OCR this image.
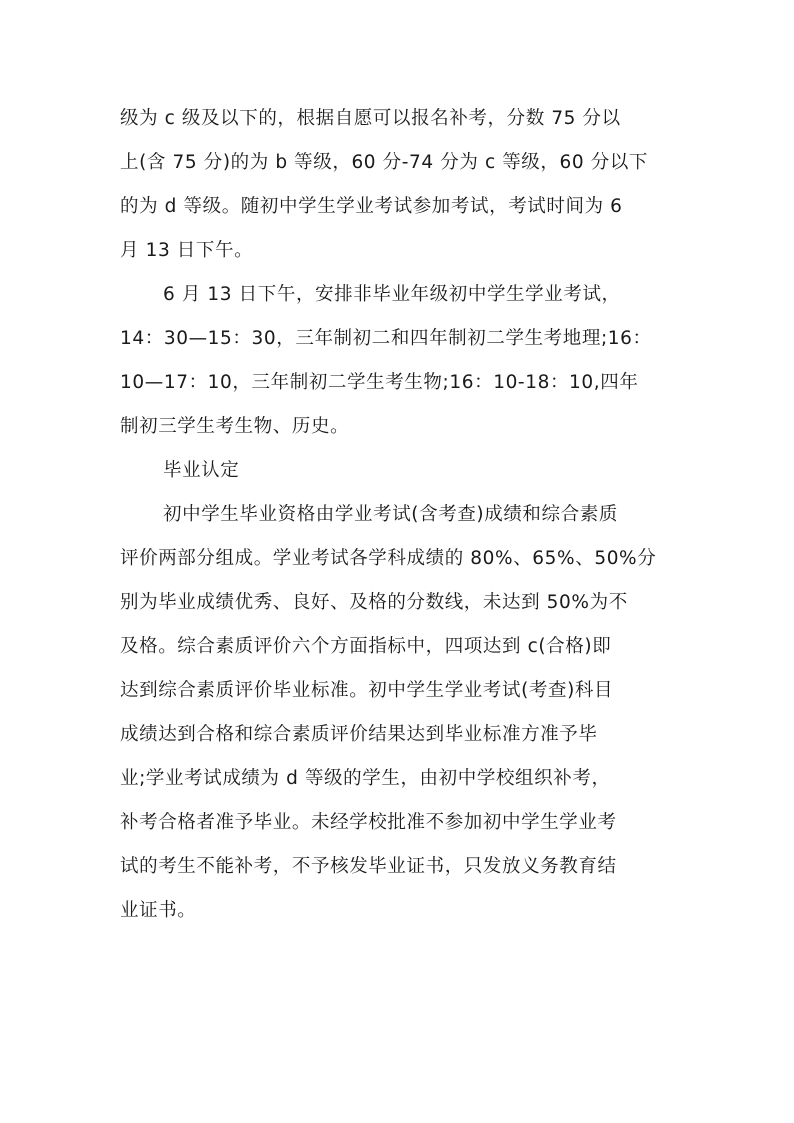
级为 c 级及以下的，根据自愿可以报名补考，分数 75 分以
上(含 75 分)的为 b 等级，60 分-74 分为 c 等级，60 分以下
的为 d 等级。随初中学生学业考试参加考试，考试时间为 6
月 13 日下午。
6 月 13 日下午，安排非毕业年级初中学生学业考试，
14：30—15：30，三年制初二和四年制初二学生考地理;16：
10—17：10，三年制初二学生考生物;16：10-18：10,四年
制初三学生考生物、历史。
毕业认定
初中学生毕业资格由学业考试(含考查)成绩和综合素质
评价两部分组成。学业考试各学科成绩的 80%、65%、50%分
别为毕业成绩优秀、良好、及格的分数线，未达到 50%为不
及格。综合素质评价六个方面指标中，四项达到 c(合格)即
达到综合素质评价毕业标准。初中学生学业考试(考查)科目
成绩达到合格和综合素质评价结果达到毕业标准方准予毕
业;学业考试成绩为 d 等级的学生，由初中学校组织补考，
补考合格者准予毕业。未经学校批准不参加初中学生学业考
试的考生不能补考，不予核发毕业证书，只发放义务教育结
业证书。
